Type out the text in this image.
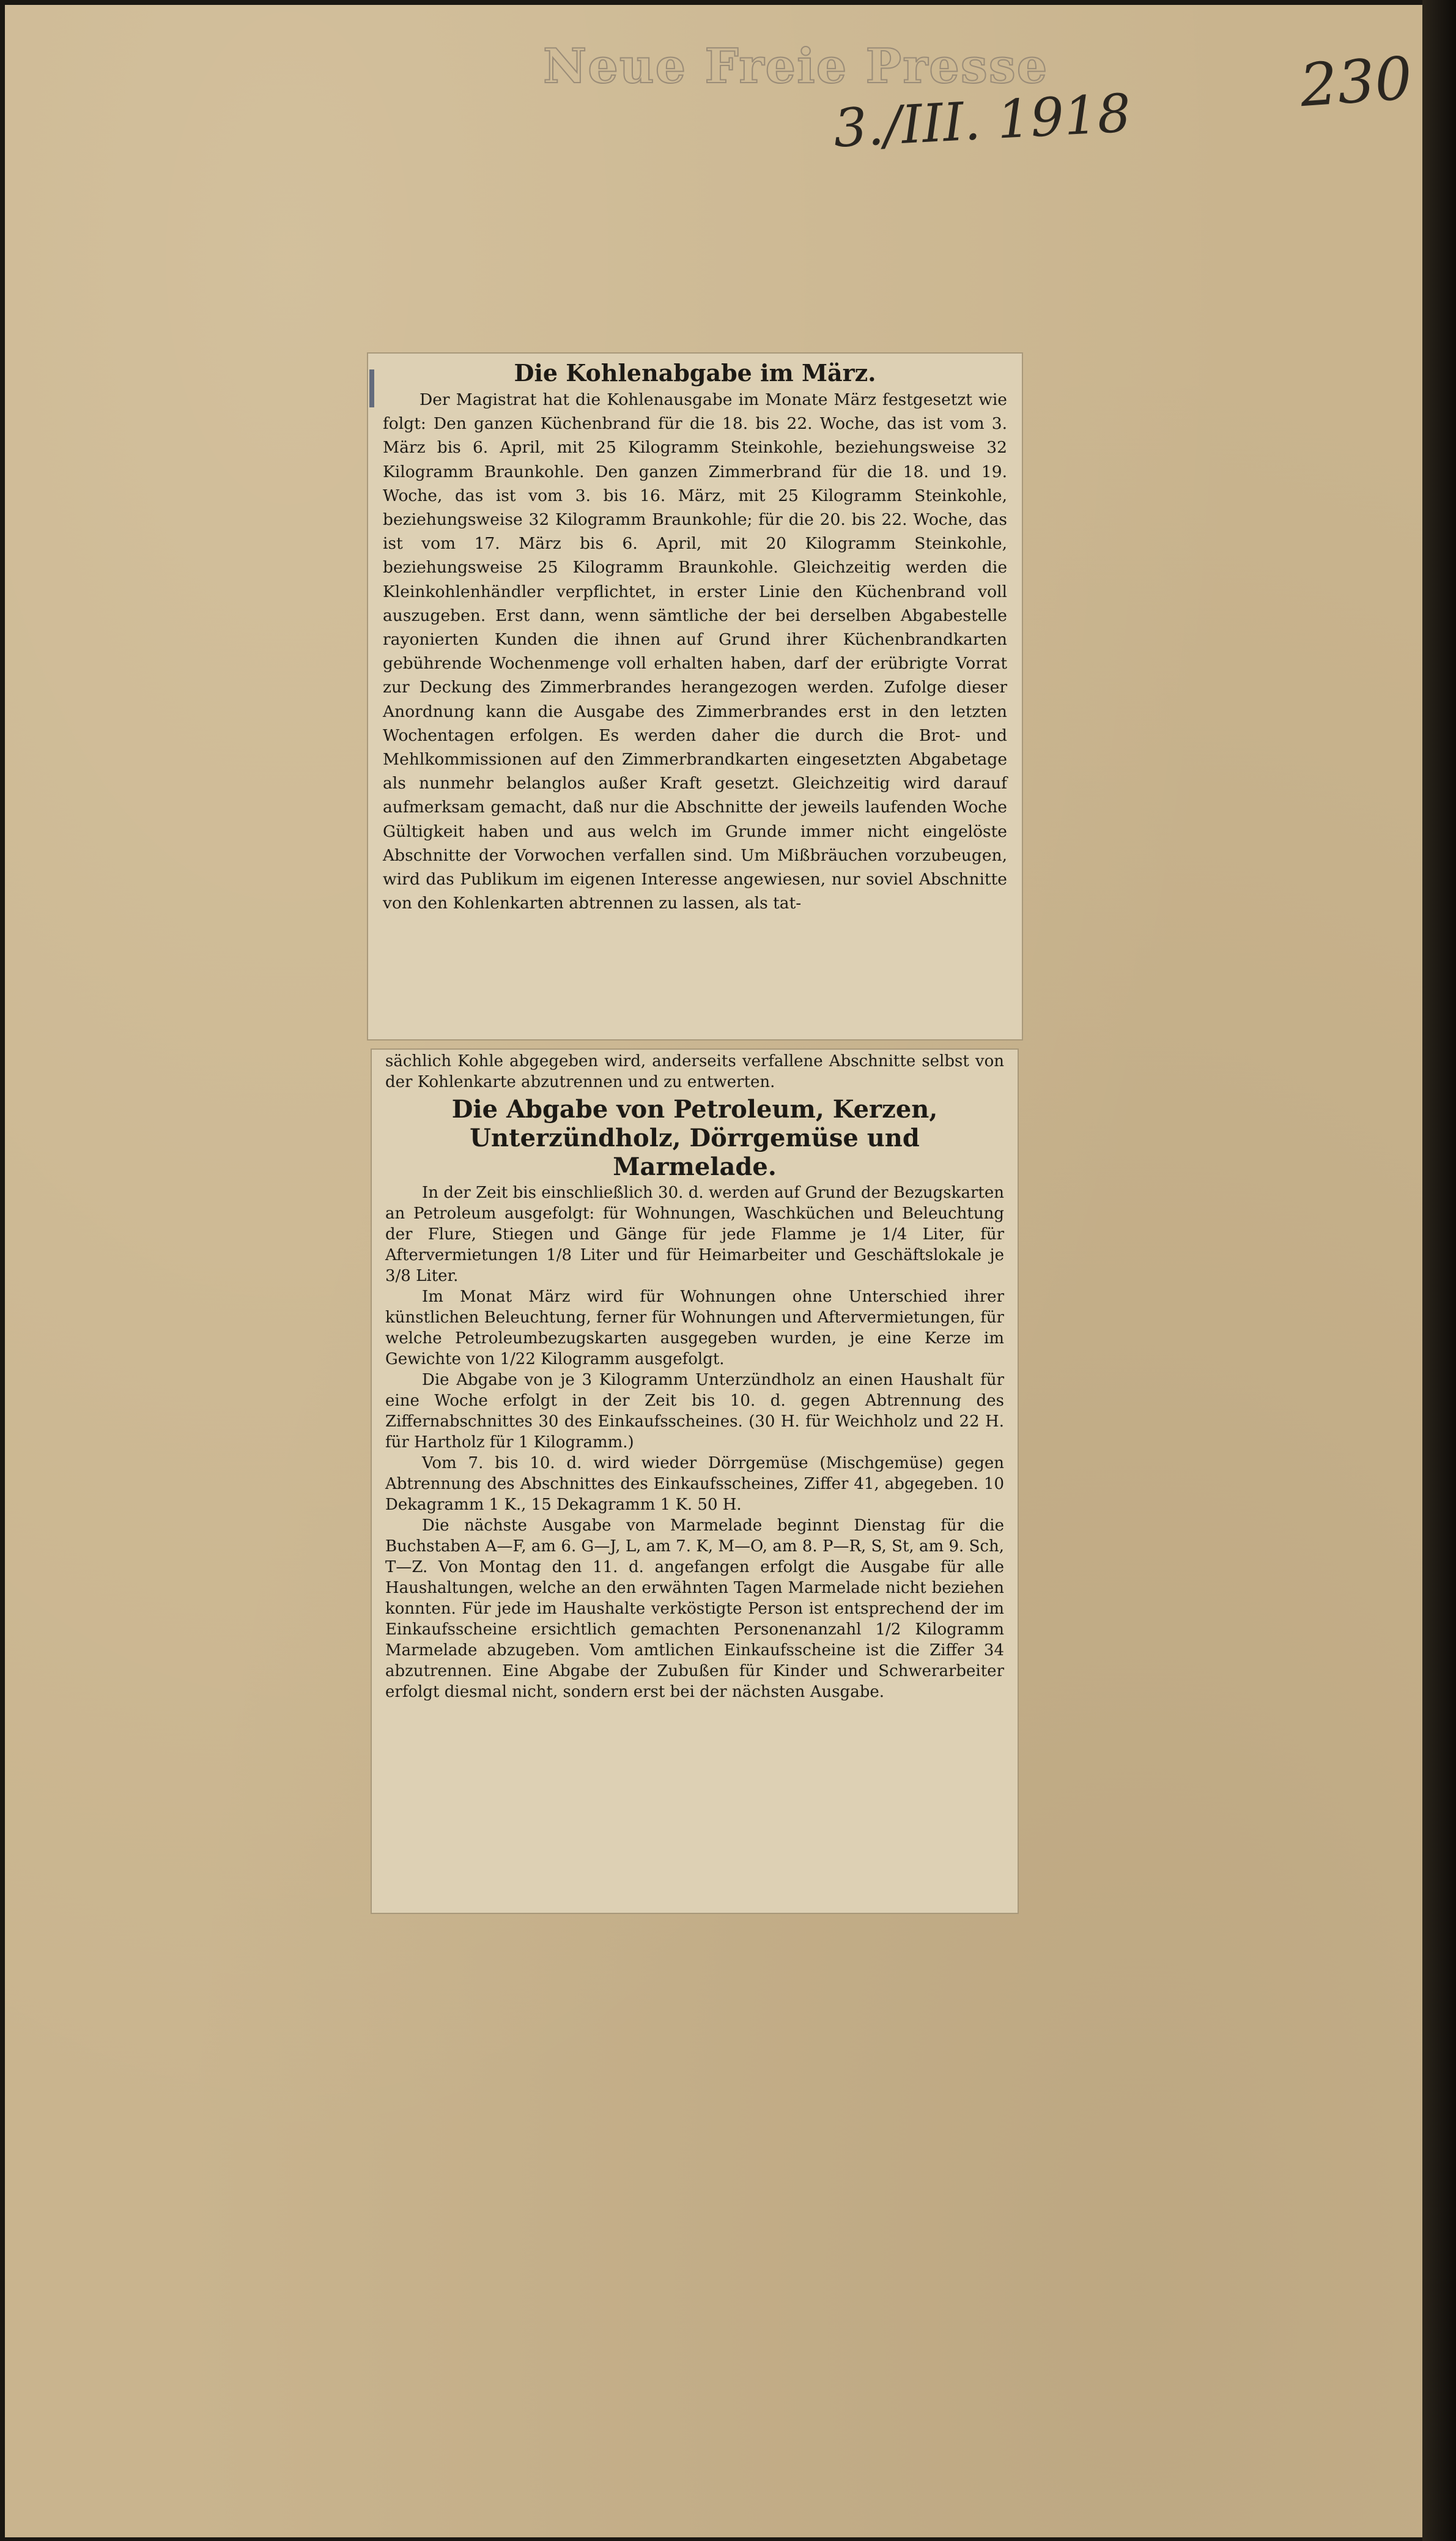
Neue Freie Presse
3./III. 1918
230
Die Kohlenabgabe im März.

Der Magistrat hat die Kohlenausgabe im Monate März festgesetzt wie folgt: Den ganzen Küchenbrand für die 18. bis 22. Woche, das ist vom 3. März bis 6. April, mit 25 Kilogramm Steinkohle, beziehungsweise 32 Kilogramm Braunkohle. Den ganzen Zimmerbrand für die 18. und 19. Woche, das ist vom 3. bis 16. März, mit 25 Kilogramm Steinkohle, beziehungsweise 32 Kilogramm Braunkohle; für die 20. bis 22. Woche, das ist vom 17. März bis 6. April, mit 20 Kilogramm Steinkohle, beziehungsweise 25 Kilogramm Braunkohle. Gleichzeitig werden die Kleinkohlenhändler verpflichtet, in erster Linie den Küchenbrand voll auszugeben. Erst dann, wenn sämtliche der bei derselben Abgabestelle rayonierten Kunden die ihnen auf Grund ihrer Küchenbrandkarten gebührende Wochenmenge voll erhalten haben, darf der erübrigte Vorrat zur Deckung des Zimmerbrandes herangezogen werden. Zufolge dieser Anordnung kann die Ausgabe des Zimmerbrandes erst in den letzten Wochentagen erfolgen. Es werden daher die durch die Brot- und Mehlkommissionen auf den Zimmerbrandkarten eingesetzten Abgabetage als nunmehr belanglos außer Kraft gesetzt. Gleichzeitig wird darauf aufmerksam gemacht, daß nur die Abschnitte der jeweils laufenden Woche Gültigkeit haben und aus welch im Grunde immer nicht eingelöste Abschnitte der Vorwochen verfallen sind. Um Mißbräuchen vorzubeugen, wird das Publikum im eigenen Interesse angewiesen, nur soviel Abschnitte von den Kohlenkarten abtrennen zu lassen, als tat-

sächlich Kohle abgegeben wird, anderseits verfallene Abschnitte selbst von der Kohlenkarte abzutrennen und zu entwerten.

Die Abgabe von Petroleum, Kerzen, Unterzündholz, Dörrgemüse und Marmelade.

In der Zeit bis einschließlich 30. d. werden auf Grund der Bezugskarten an Petroleum ausgefolgt: für Wohnungen, Waschküchen und Beleuchtung der Flure, Stiegen und Gänge für jede Flamme je 1/4 Liter, für Aftervermietungen 1/8 Liter und für Heimarbeiter und Geschäftslokale je 3/8 Liter.

Im Monat März wird für Wohnungen ohne Unterschied ihrer künstlichen Beleuchtung, ferner für Wohnungen und Aftervermietungen, für welche Petroleumbezugskarten ausgegeben wurden, je eine Kerze im Gewichte von 1/22 Kilogramm ausgefolgt.

Die Abgabe von je 3 Kilogramm Unterzündholz an einen Haushalt für eine Woche erfolgt in der Zeit bis 10. d. gegen Abtrennung des Ziffernabschnittes 30 des Einkaufsscheines. (30 H. für Weichholz und 22 H. für Hartholz für 1 Kilogramm.)

Vom 7. bis 10. d. wird wieder Dörrgemüse (Mischgemüse) gegen Abtrennung des Abschnittes des Einkaufsscheines, Ziffer 41, abgegeben. 10 Dekagramm 1 K., 15 Dekagramm 1 K. 50 H.

Die nächste Ausgabe von Marmelade beginnt Dienstag für die Buchstaben A—F, am 6. G—J, L, am 7. K, M—O, am 8. P—R, S, St, am 9. Sch, T—Z. Von Montag den 11. d. angefangen erfolgt die Ausgabe für alle Haushaltungen, welche an den erwähnten Tagen Marmelade nicht beziehen konnten. Für jede im Haushalte verköstigte Person ist entsprechend der im Einkaufsscheine ersichtlich gemachten Personenanzahl 1/2 Kilogramm Marmelade abzugeben. Vom amtlichen Einkaufsscheine ist die Ziffer 34 abzutrennen. Eine Abgabe der Zubußen für Kinder und Schwerarbeiter erfolgt diesmal nicht, sondern erst bei der nächsten Ausgabe.
